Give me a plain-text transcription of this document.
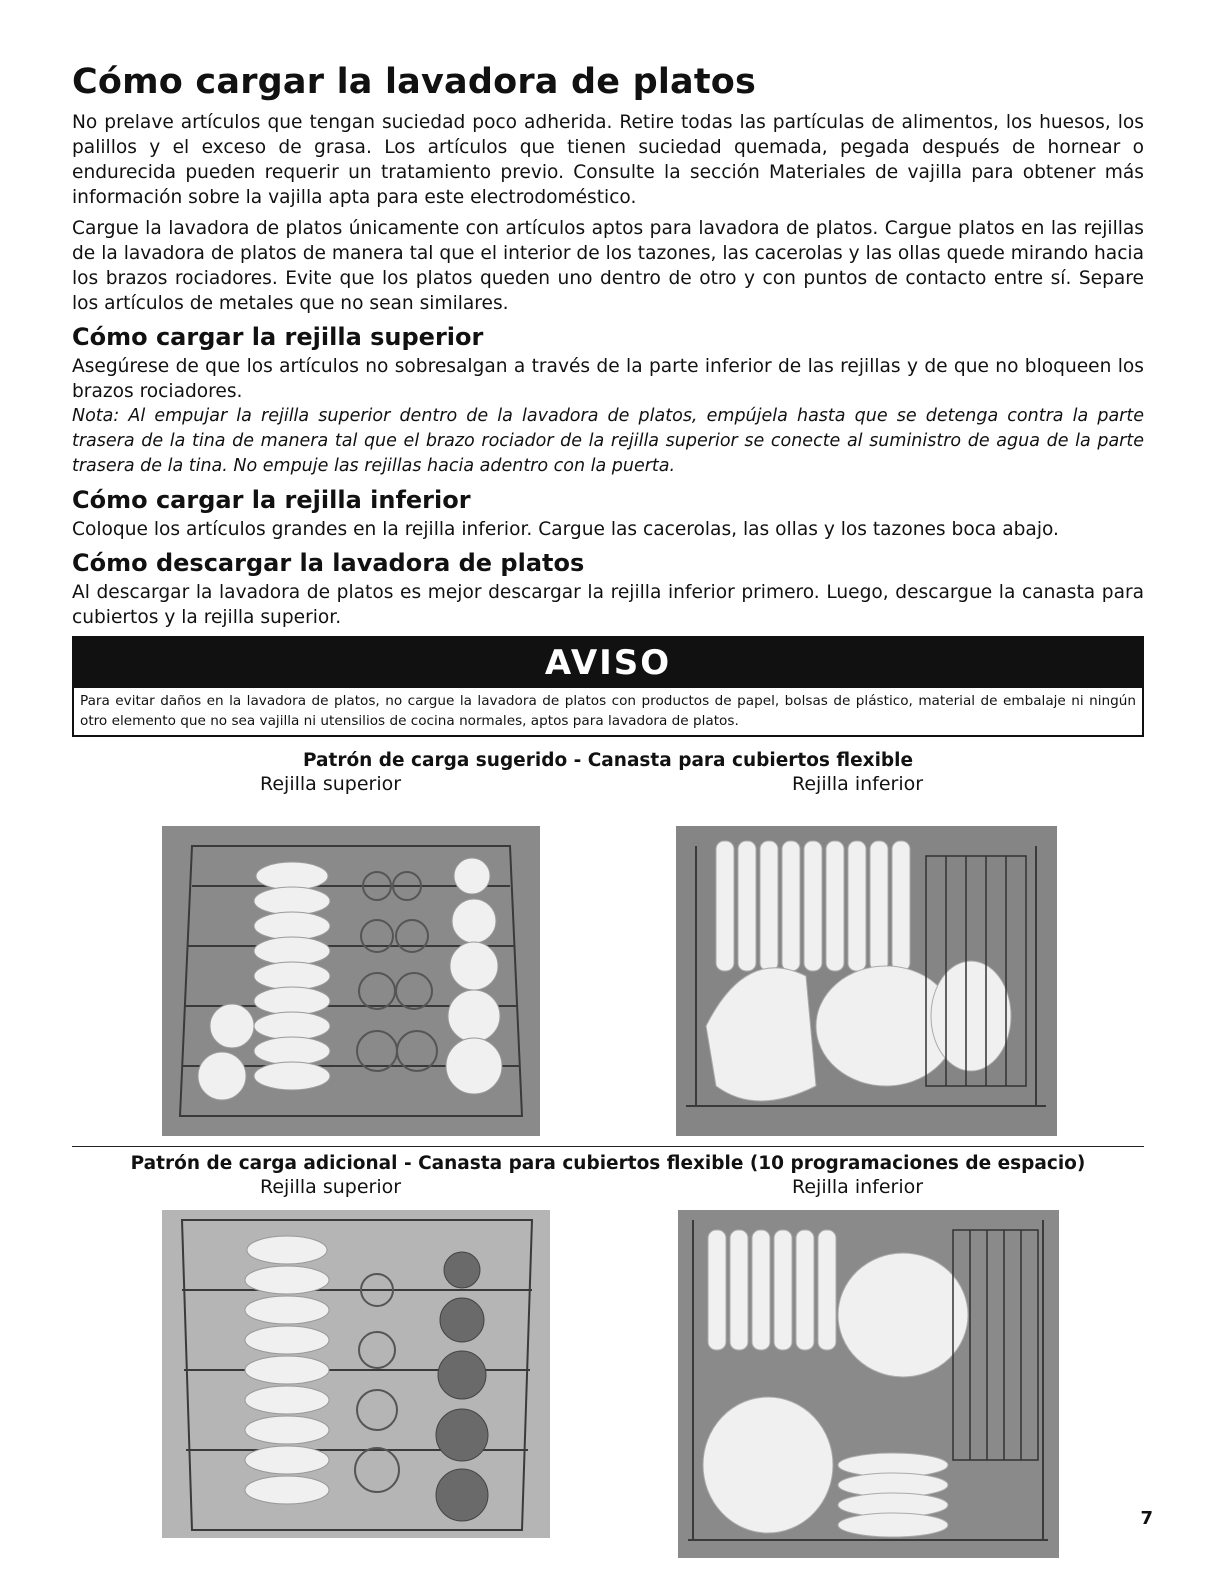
Cómo cargar la lavadora de platos

No prelave artículos que tengan suciedad poco adherida. Retire todas las partículas de alimentos, los huesos, los palillos y el exceso de grasa. Los artículos que tienen suciedad quemada, pegada después de hornear o endurecida pueden requerir un tratamiento previo. Consulte la sección Materiales de vajilla para obtener más información sobre la vajilla apta para este electrodoméstico.

Cargue la lavadora de platos únicamente con artículos aptos para lavadora de platos. Cargue platos en las rejillas de la lavadora de platos de manera tal que el interior de los tazones, las cacerolas y las ollas quede mirando hacia los brazos rociadores. Evite que los platos queden uno dentro de otro y con puntos de contacto entre sí. Separe los artículos de metales que no sean similares.

Cómo cargar la rejilla superior

Asegúrese de que los artículos no sobresalgan a través de la parte inferior de las rejillas y de que no bloqueen los brazos rociadores.

Nota: Al empujar la rejilla superior dentro de la lavadora de platos, empújela hasta que se detenga contra la parte trasera de la tina de manera tal que el brazo rociador de la rejilla superior se conecte al suministro de agua de la parte trasera de la tina. No empuje las rejillas hacia adentro con la puerta.

Cómo cargar la rejilla inferior

Coloque los artículos grandes en la rejilla inferior. Cargue las cacerolas, las ollas y los tazones boca abajo.

Cómo descargar la lavadora de platos

Al descargar la lavadora de platos es mejor descargar la rejilla inferior primero. Luego, descargue la canasta para cubiertos y la rejilla superior.

AVISO
Para evitar daños en la lavadora de platos, no cargue la lavadora de platos con productos de papel, bolsas de plástico, material de embalaje ni ningún otro elemento que no sea vajilla ni utensilios de cocina normales, aptos para lavadora de platos.
Patrón de carga sugerido - Canasta para cubiertos flexible
Rejilla superior	Rejilla inferior
Patrón de carga adicional - Canasta para cubiertos flexible (10 programaciones de espacio)
Rejilla superior	Rejilla inferior
7
